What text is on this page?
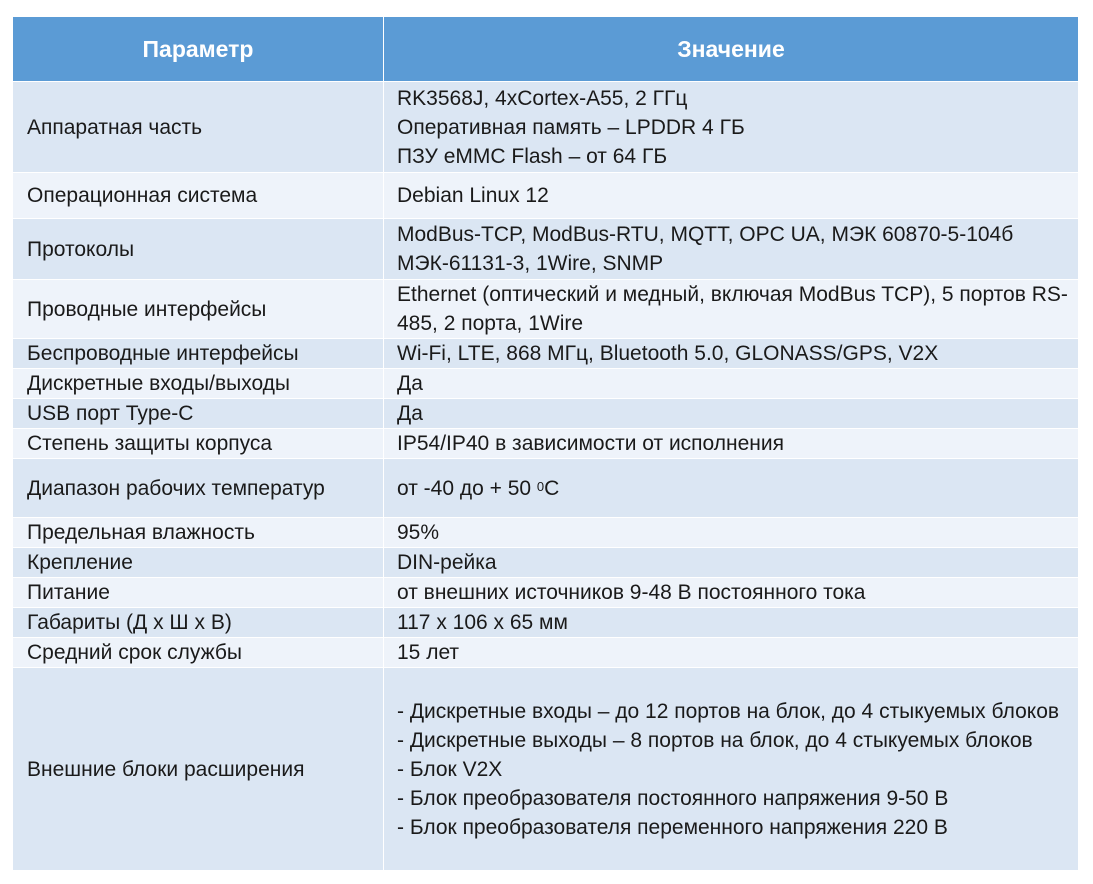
Параметр	Значение
Аппаратная часть	RK3568J, 4xCortex-A55, 2 ГГц
Оперативная память – LPDDR 4 ГБ
ПЗУ eMMC Flash – от 64 ГБ

Операционная система	Debian Linux 12
Протоколы	ModBus-TCP, ModBus-RTU, MQTT, OPC UA, МЭК 60870-5-104б МЭК-61131-3, 1Wire, SNMP
Проводные интерфейсы	Ethernet (оптический и медный, включая ModBus TCP), 5 портов RS-485, 2 порта, 1Wire
Беспроводные интерфейсы	Wi-Fi, LTE, 868 МГц, Bluetooth 5.0, GLONASS/GPS, V2X
Дискретные входы/выходы	Да
USB порт Type-C	Да
Степень защиты корпуса	IP54/IP40 в зависимости от исполнения
Диапазон рабочих температур	от -40 до + 50 $^0$С
Предельная влажность	95%
Крепление	DIN-рейка
Питание	от внешних источников 9-48 В постоянного тока
Габариты (Д х Ш х В)	117 х 106 х 65 мм
Средний срок службы	15 лет
Внешние блоки расширения	- Дискретные входы – до 12 портов на блок, до 4 стыкуемых блоков
- Дискретные выходы – 8 портов на блок, до 4 стыкуемых блоков
- Блок V2X
- Блок преобразователя постоянного напряжения 9-50 В
- Блок преобразователя переменного напряжения 220 В
